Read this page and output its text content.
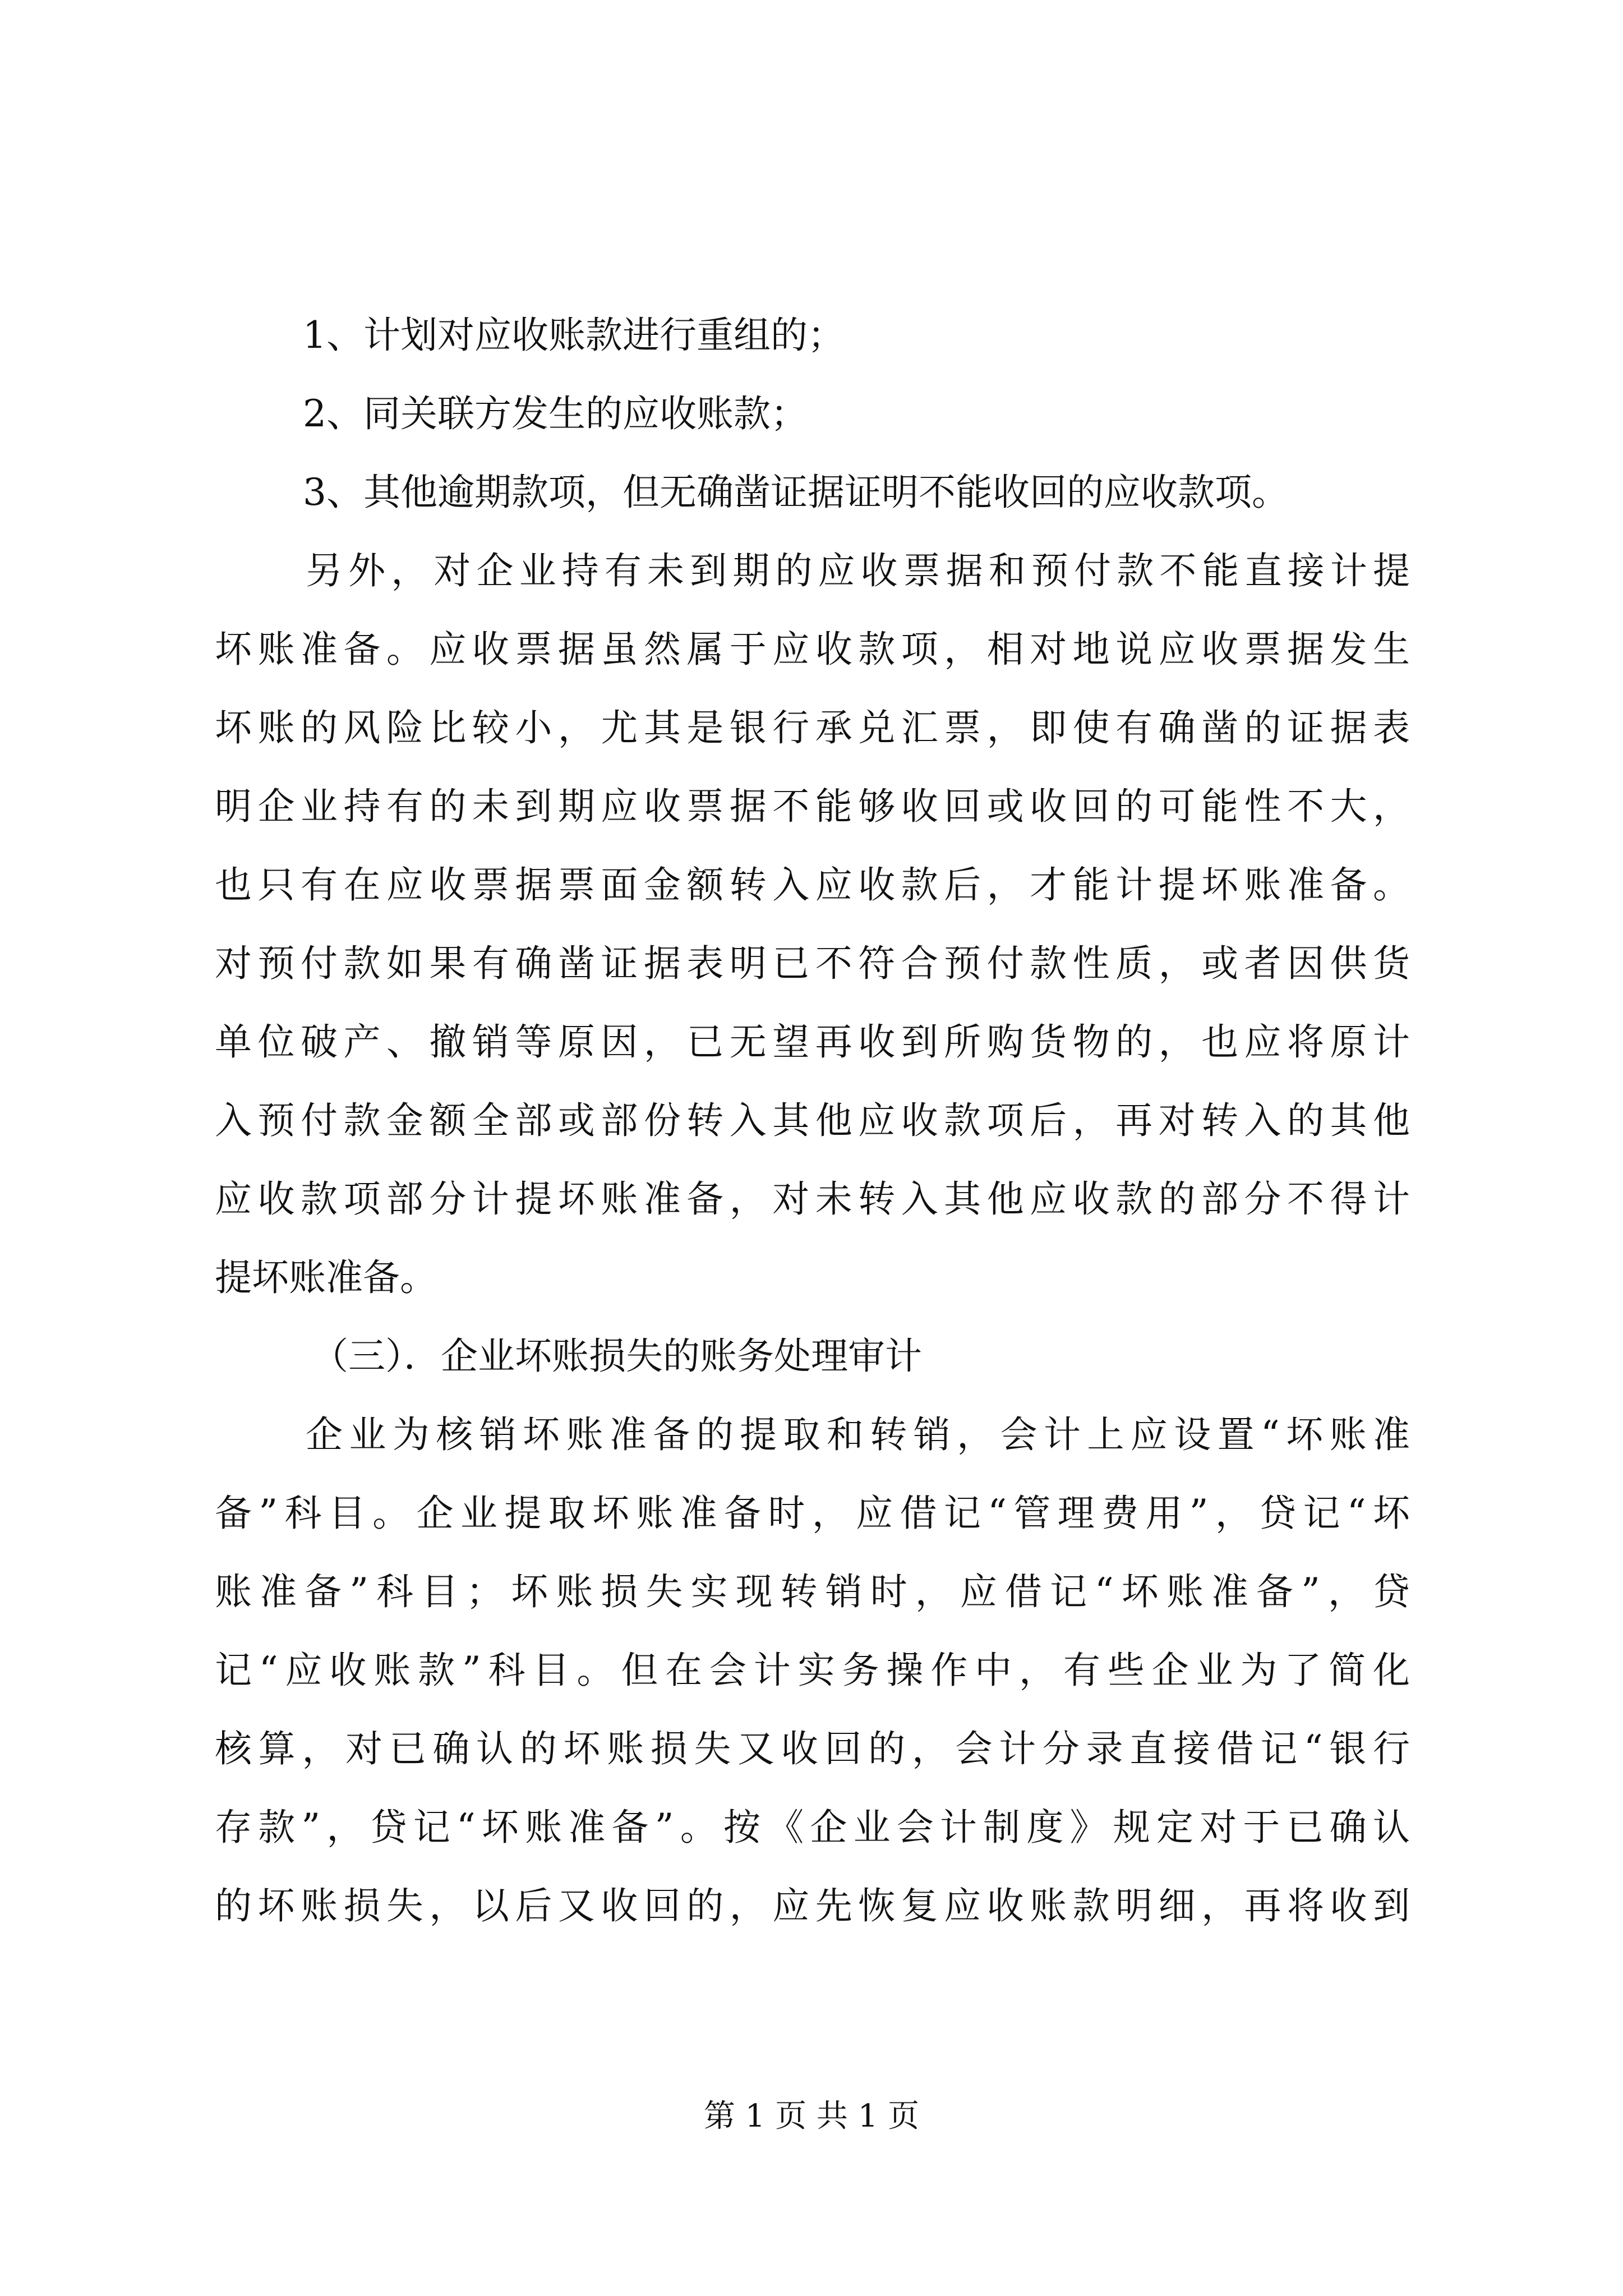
1、计划对应收账款进行重组的；
2、同关联方发生的应收账款；
3、其他逾期款项，但无确凿证据证明不能收回的应收款项。
另外，对企业持有未到期的应收票据和预付款不能直接计提
坏账准备。应收票据虽然属于应收款项，相对地说应收票据发生
坏账的风险比较小，尤其是银行承兑汇票，即使有确凿的证据表
明企业持有的未到期应收票据不能够收回或收回的可能性不大，
也只有在应收票据票面金额转入应收款后，才能计提坏账准备。
对预付款如果有确凿证据表明已不符合预付款性质，或者因供货
单位破产、撤销等原因，已无望再收到所购货物的，也应将原计
入预付款金额全部或部份转入其他应收款项后，再对转入的其他
应收款项部分计提坏账准备，对未转入其他应收款的部分不得计
提坏账准备。
（三）．企业坏账损失的账务处理审计
企业为核销坏账准备的提取和转销，会计上应设置“坏账准
备”科目。企业提取坏账准备时，应借记“管理费用”，贷记“坏
账准备”科目；坏账损失实现转销时，应借记“坏账准备”，贷
记“应收账款”科目。但在会计实务操作中，有些企业为了简化
核算，对已确认的坏账损失又收回的，会计分录直接借记“银行
存款”，贷记“坏账准备”。按《企业会计制度》规定对于已确认
的坏账损失，以后又收回的，应先恢复应收账款明细，再将收到
第 1 页 共 1 页
